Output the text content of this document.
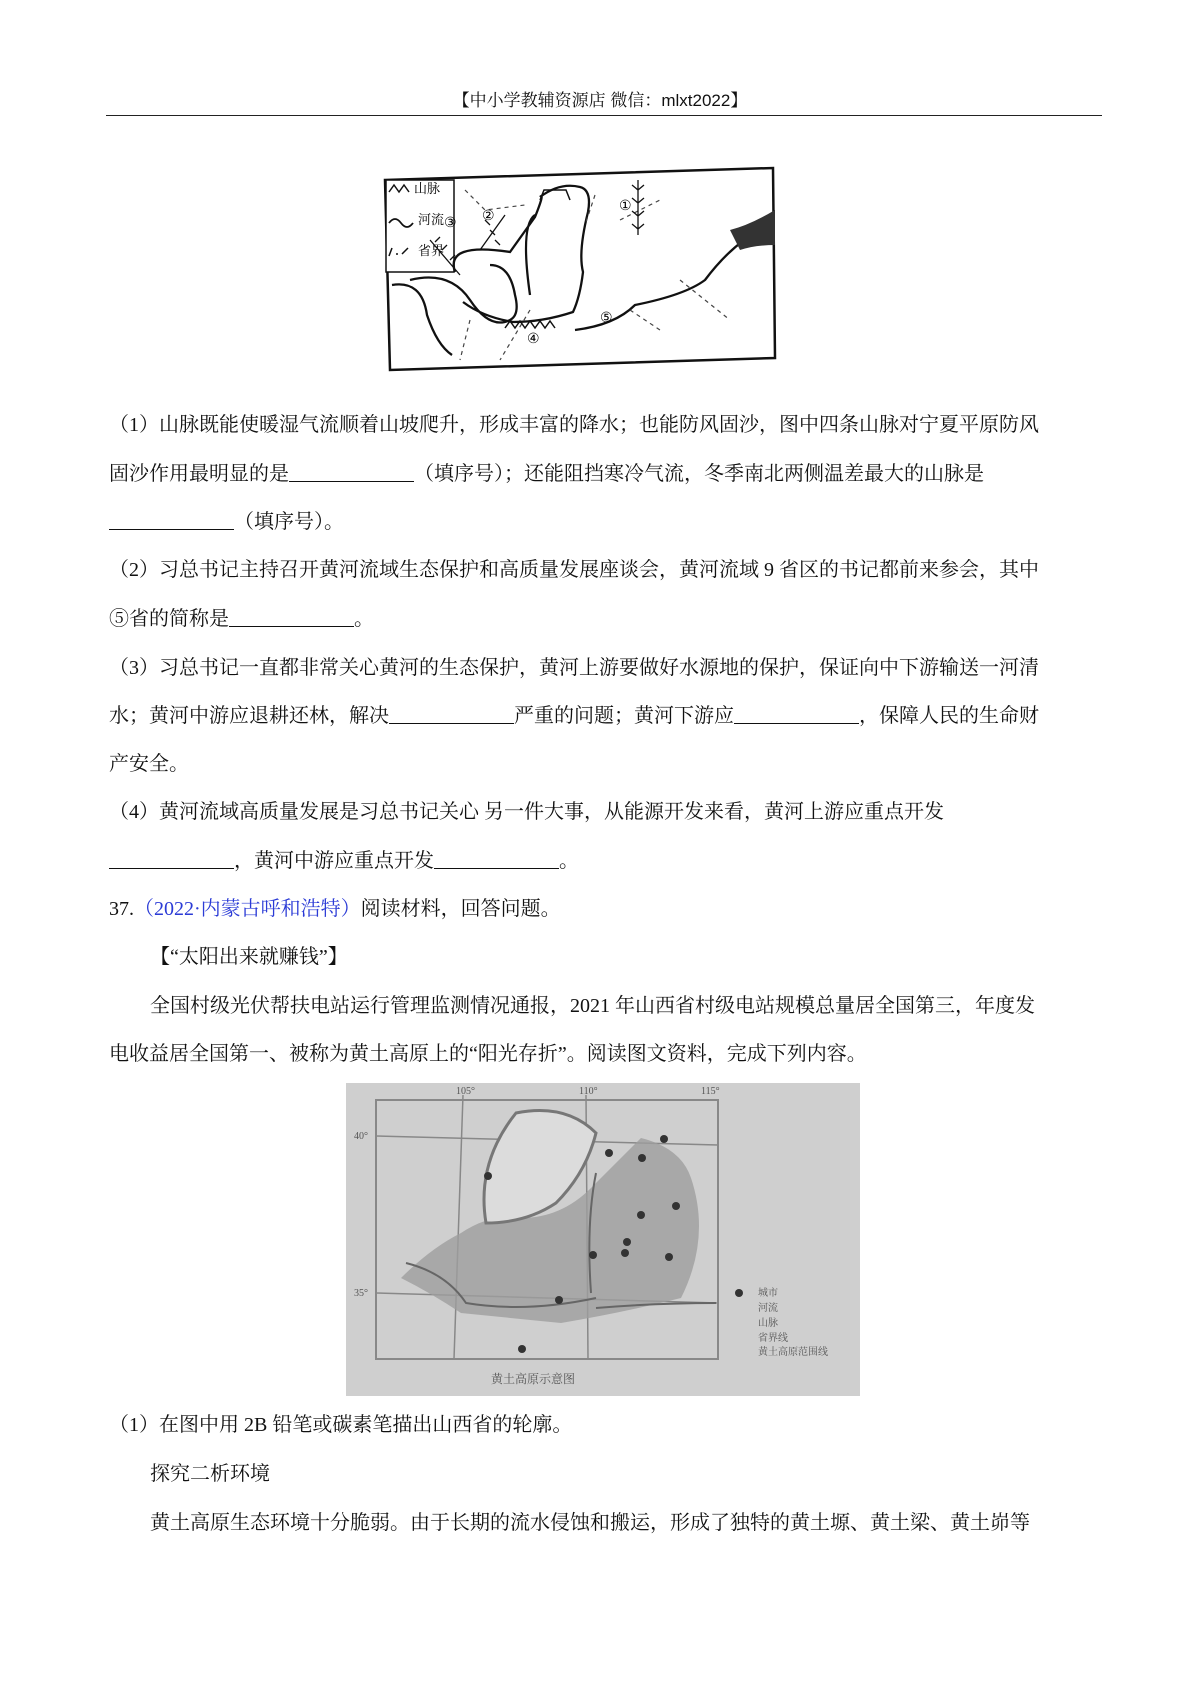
【中小学教辅资源店 微信：mlxt2022】
山脉
河流
省界
①
②
③
④
⑤
（1）山脉既能使暖湿气流顺着山坡爬升，形成丰富的降水；也能防风固沙，图中四条山脉对宁夏平原防风
固沙作用最明显的是	（填序号）；还能阻挡寒冷气流，冬季南北两侧温差最大的山脉是
（填序号）。
（2）习总书记主持召开黄河流域生态保护和高质量发展座谈会，黄河流域 9 省区的书记都前来参会，其中
⑤省的简称是	。
（3）习总书记一直都非常关心黄河的生态保护，黄河上游要做好水源地的保护，保证向中下游输送一河清
水；黄河中游应退耕还林，解决	严重的问题；黄河下游应	，保障人民的生命财
产安全。
（4）黄河流域高质量发展是习总书记关心 另一件大事，从能源开发来看，黄河上游应重点开发
，黄河中游应重点开发	。
37.（2022·内蒙古呼和浩特）阅读材料，回答问题。
【“太阳出来就赚钱”】
全国村级光伏帮扶电站运行管理监测情况通报，2021 年山西省村级电站规模总量居全国第三，年度发
电收益居全国第一、被称为黄土高原上的“阳光存折”。阅读图文资料，完成下列内容。
105°	110°	115°
40°
35°	城市
河流
山脉
省界线
黄土高原范围线
黄土高原示意图
（1）在图中用 2B 铅笔或碳素笔描出山西省的轮廓。
探究二析环境
黄土高原生态环境十分脆弱。由于长期的流水侵蚀和搬运，形成了独特的黄土塬、黄土梁、黄土峁等
